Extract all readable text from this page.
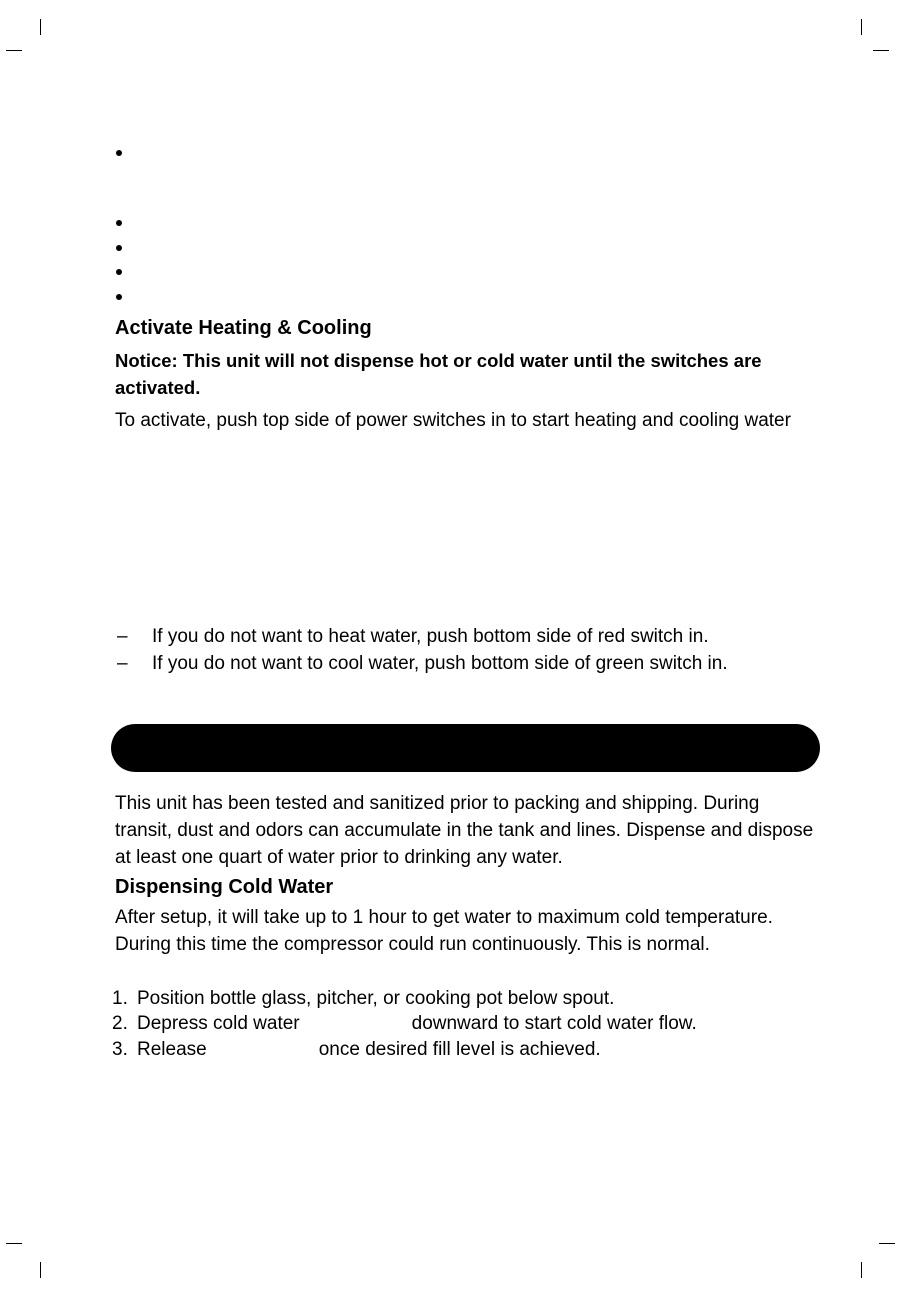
Activate Heating & Cooling
Notice: This unit will not dispense hot or cold water until the switches are activated.
To activate, push top side of power switches in to start heating and cooling water
– If you do not want to heat water, push bottom side of red switch in.
– If you do not want to cool water, push bottom side of green switch in.
This unit has been tested and sanitized prior to packing and shipping. During transit, dust and odors can accumulate in the tank and lines. Dispense and dispose at least one quart of water prior to drinking any water.
Dispensing Cold Water
After setup, it will take up to 1 hour to get water to maximum cold temperature. During this time the compressor could run continuously. This is normal.
1. Position bottle glass, pitcher, or cooking pot below spout.
2. Depress cold water	downward to start cold water flow.
3. Release	once desired fill level is achieved.
